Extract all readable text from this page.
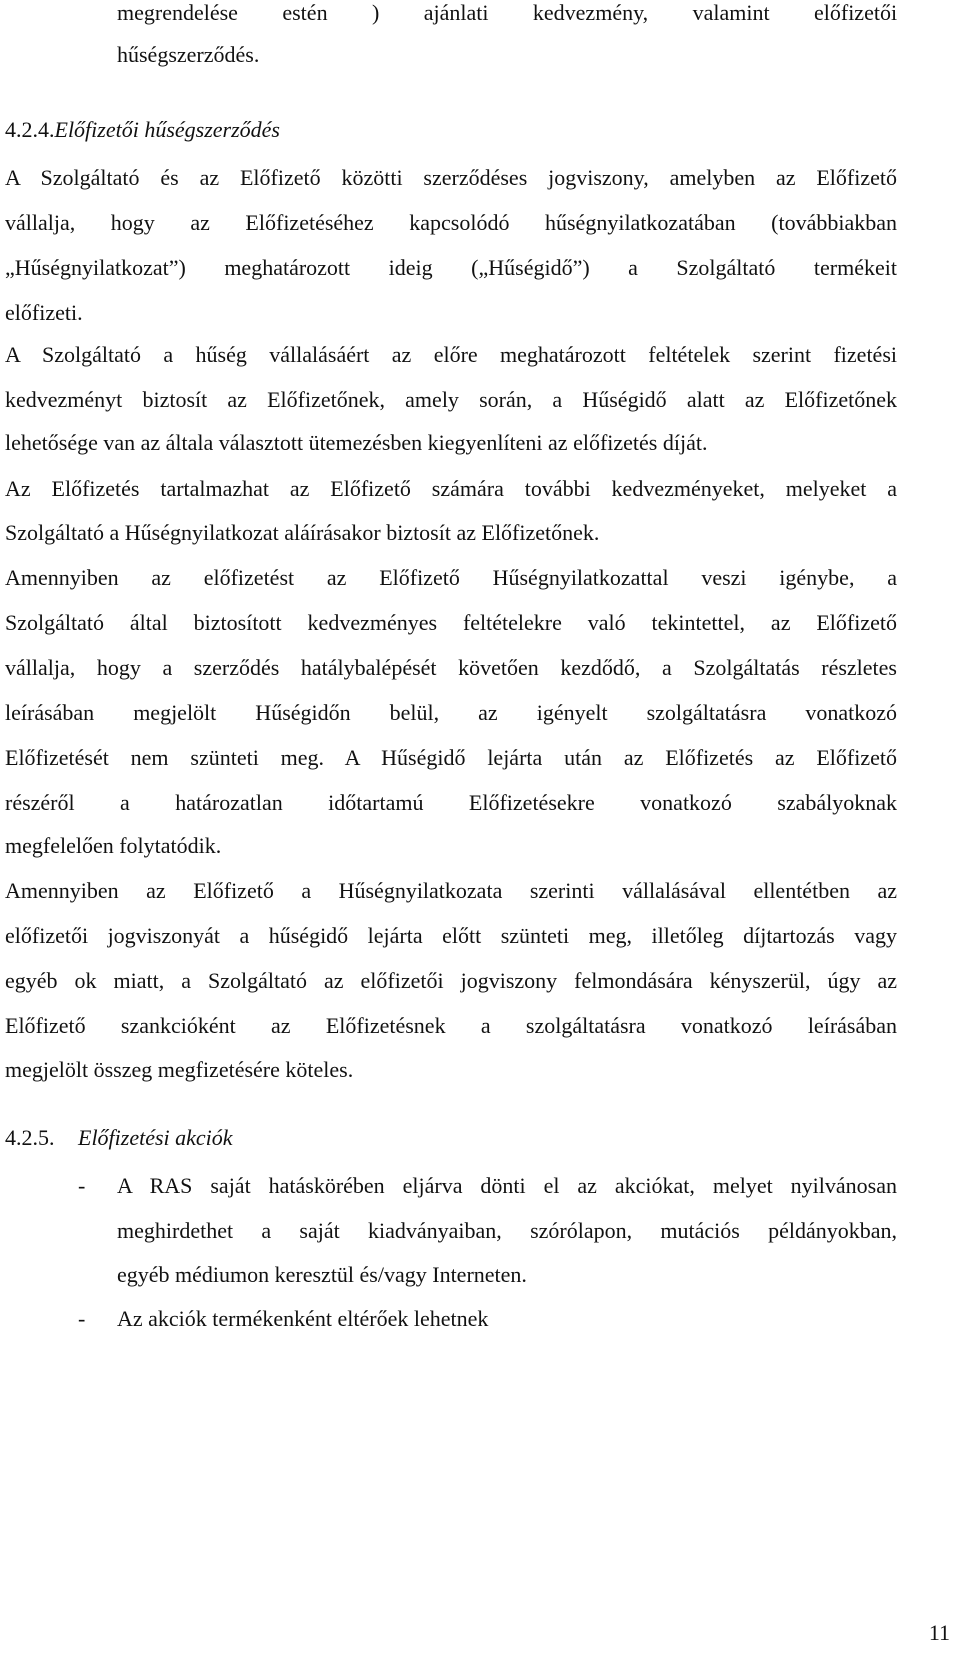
megrendelése estén ) ajánlati kedvezmény, valamint előfizetői
hűségszerződés.
4.2.4.Előfizetői hűségszerződés
A Szolgáltató és az Előfizető közötti szerződéses jogviszony, amelyben az Előfizető
vállalja, hogy az Előfizetéséhez kapcsolódó hűségnyilatkozatában (továbbiakban
„Hűségnyilatkozat”) meghatározott ideig („Hűségidő”) a Szolgáltató termékeit
előfizeti.
A Szolgáltató a hűség vállalásáért az előre meghatározott feltételek szerint fizetési
kedvezményt biztosít az Előfizetőnek, amely során, a Hűségidő alatt az Előfizetőnek
lehetősége van az általa választott ütemezésben kiegyenlíteni az előfizetés díját.
Az Előfizetés tartalmazhat az Előfizető számára további kedvezményeket, melyeket a
Szolgáltató a Hűségnyilatkozat aláírásakor biztosít az Előfizetőnek.
Amennyiben az előfizetést az Előfizető Hűségnyilatkozattal veszi igénybe, a
Szolgáltató által biztosított kedvezményes feltételekre való tekintettel, az Előfizető
vállalja, hogy a szerződés hatálybalépését követően kezdődő, a Szolgáltatás részletes
leírásában megjelölt Hűségidőn belül, az igényelt szolgáltatásra vonatkozó
Előfizetését nem szünteti meg. A Hűségidő lejárta után az Előfizetés az Előfizető
részéről a határozatlan időtartamú Előfizetésekre vonatkozó szabályoknak
megfelelően folytatódik.
Amennyiben az Előfizető a Hűségnyilatkozata szerinti vállalásával ellentétben az
előfizetői jogviszonyát a hűségidő lejárta előtt szünteti meg, illetőleg díjtartozás vagy
egyéb ok miatt, a Szolgáltató az előfizetői jogviszony felmondására kényszerül, úgy az
Előfizető szankcióként az Előfizetésnek a szolgáltatásra vonatkozó leírásában
megjelölt összeg megfizetésére köteles.
4.2.5. Előfizetési akciók
- A RAS saját hatáskörében eljárva dönti el az akciókat, melyet nyilvánosan
meghirdethet a saját kiadványaiban, szórólapon, mutációs példányokban,
egyéb médiumon keresztül és/vagy Interneten.
- Az akciók termékenként eltérőek lehetnek
11
